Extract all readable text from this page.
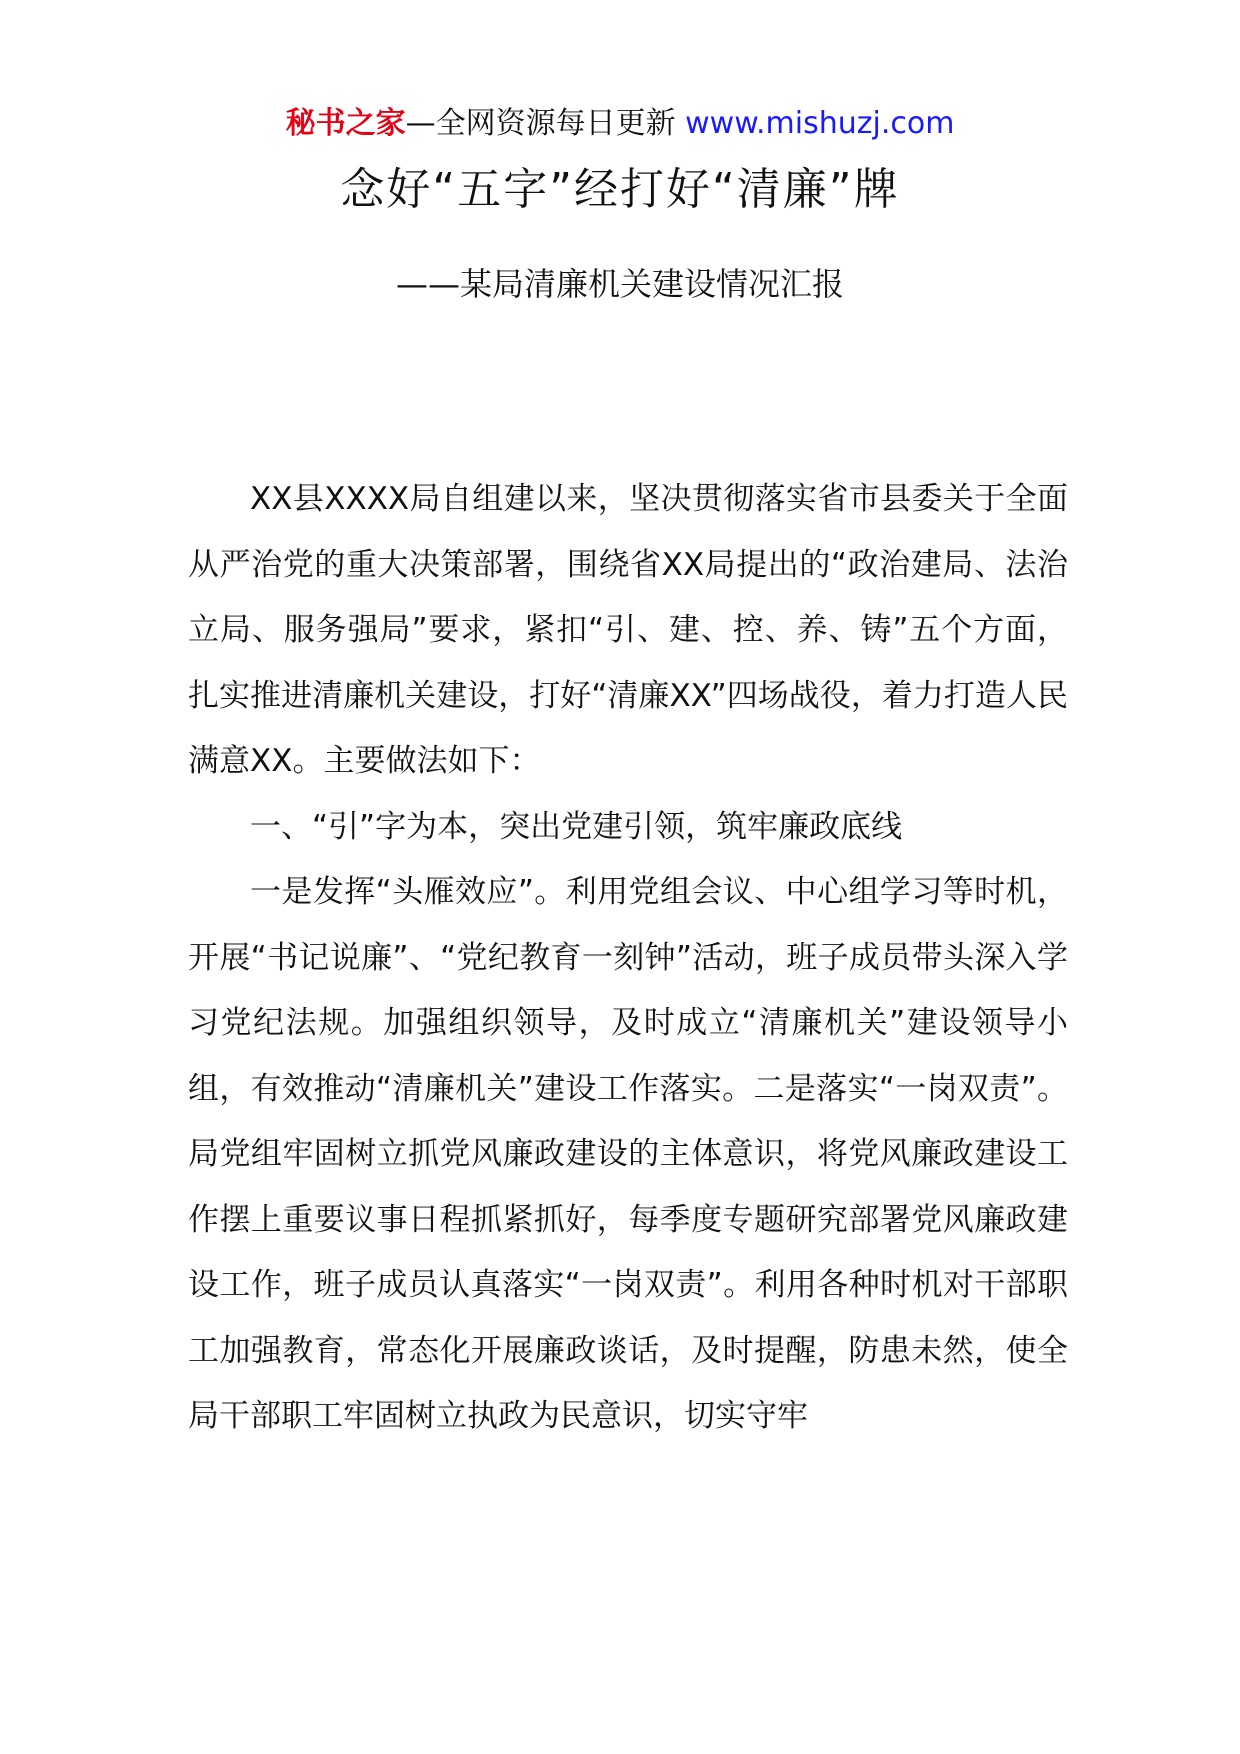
秘书之家—全网资源每日更新 www.mishuzj.com
念好“五字”经打好“清廉”牌
——某局清廉机关建设情况汇报

XX县XXXX局自组建以来，坚决贯彻落实省市县委关于全面从严治党的重大决策部署，围绕省XX局提出的“政治建局、法治立局、服务强局”要求，紧扣“引、建、控、养、铸”五个方面，扎实推进清廉机关建设，打好“清廉XX”四场战役，着力打造人民满意XX。主要做法如下：

一、“引”字为本，突出党建引领，筑牢廉政底线

一是发挥“头雁效应”。利用党组会议、中心组学习等时机，开展“书记说廉”、“党纪教育一刻钟”活动，班子成员带头深入学习党纪法规。加强组织领导，及时成立“清廉机关”建设领导小组，有效推动“清廉机关”建设工作落实。二是落实“一岗双责”。局党组牢固树立抓党风廉政建设的主体意识，将党风廉政建设工作摆上重要议事日程抓紧抓好，每季度专题研究部署党风廉政建设工作，班子成员认真落实“一岗双责”。利用各种时机对干部职工加强教育，常态化开展廉政谈话，及时提醒，防患未然，使全局干部职工牢固树立执政为民意识，切实守牢
